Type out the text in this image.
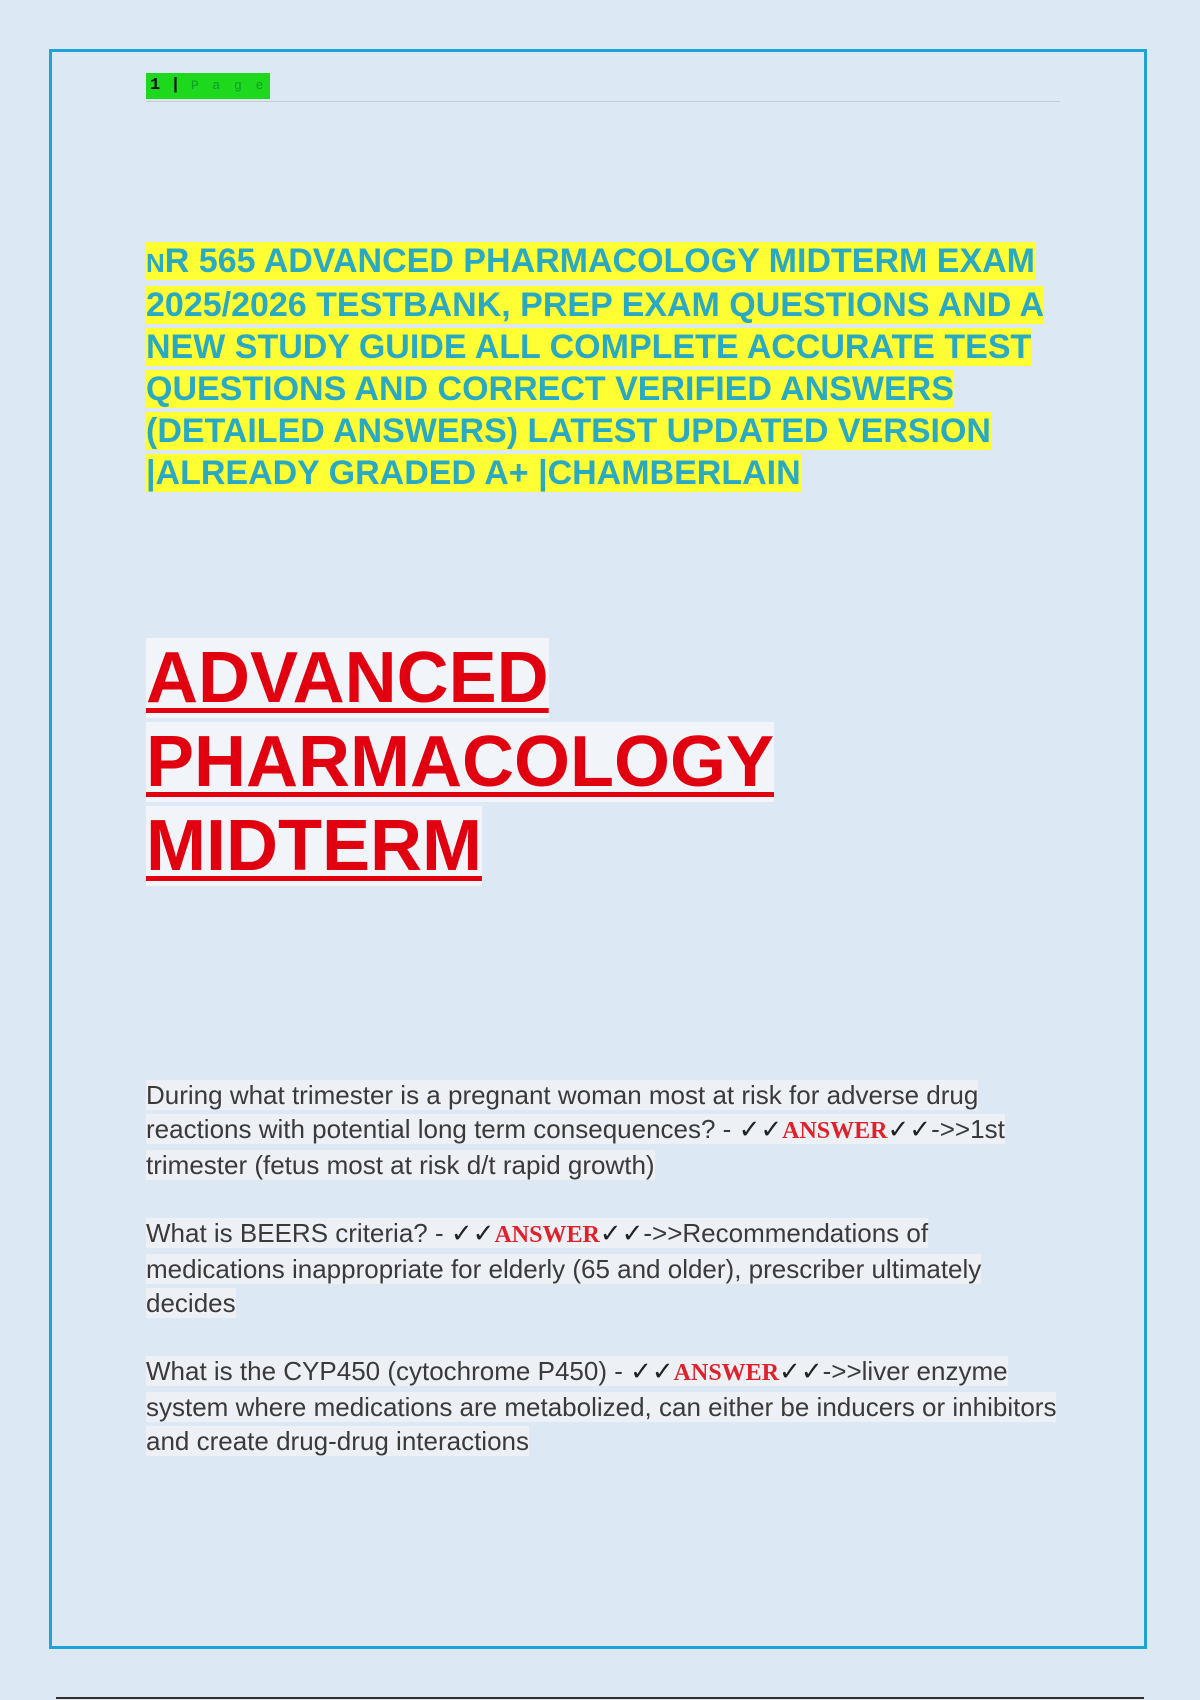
1 | P a g e
NR 565 ADVANCED PHARMACOLOGY MIDTERM EXAM 2025/2026 TESTBANK, PREP EXAM QUESTIONS AND A NEW STUDY GUIDE ALL COMPLETE ACCURATE TEST QUESTIONS AND CORRECT VERIFIED ANSWERS (DETAILED ANSWERS) LATEST UPDATED VERSION |ALREADY GRADED A+ |CHAMBERLAIN
ADVANCED
PHARMACOLOGY
MIDTERM

During what trimester is a pregnant woman most at risk for adverse drug reactions with potential long term consequences? - ✓✓ANSWER✓✓->>1st trimester (fetus most at risk d/t rapid growth)

What is BEERS criteria? - ✓✓ANSWER✓✓->>Recommendations of medications inappropriate for elderly (65 and older), prescriber ultimately decides

What is the CYP450 (cytochrome P450) - ✓✓ANSWER✓✓->>liver enzyme system where medications are metabolized, can either be inducers or inhibitors and create drug-drug interactions
